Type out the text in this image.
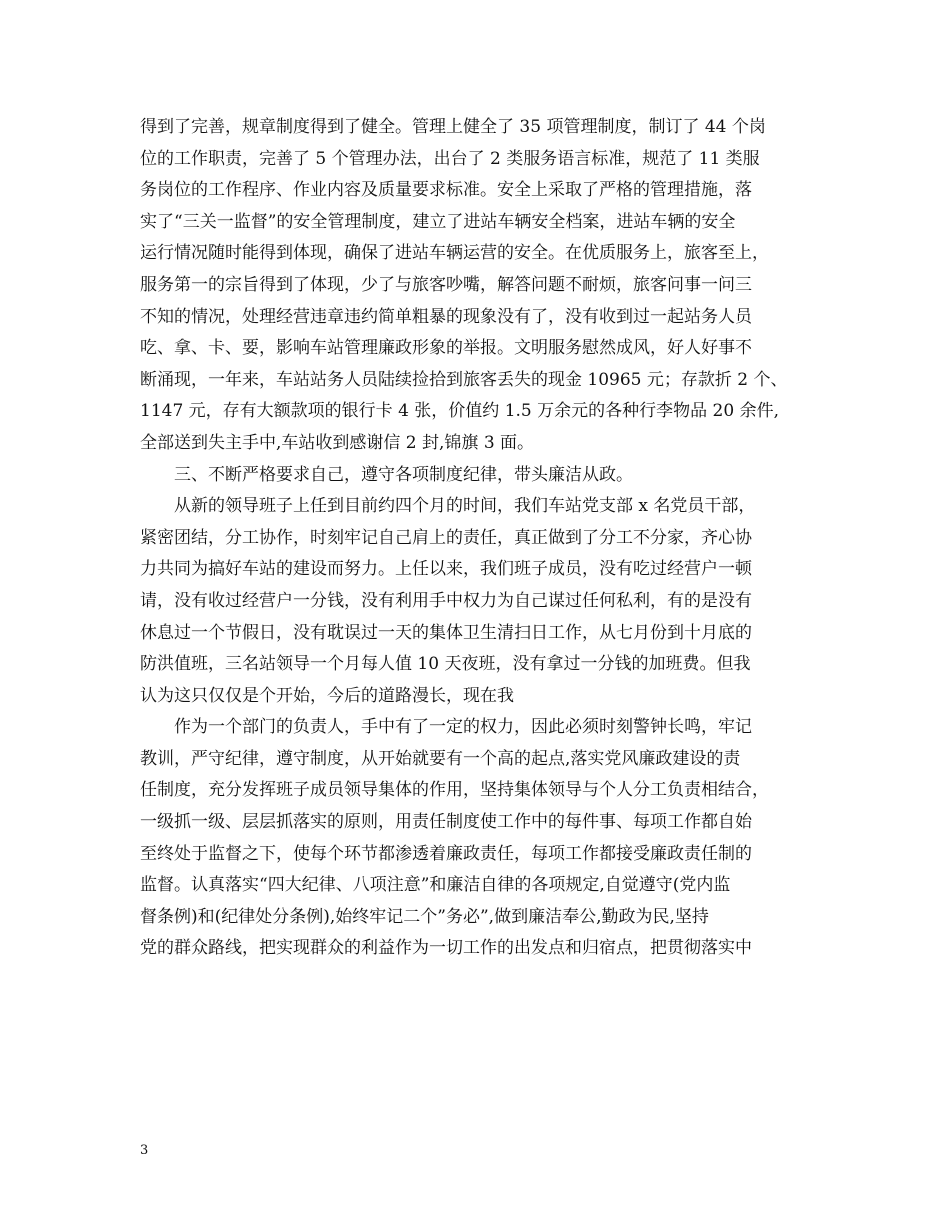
得到了完善，规章制度得到了健全。管理上健全了 35 项管理制度，制订了 44 个岗
位的工作职责，完善了 5 个管理办法，出台了 2 类服务语言标准，规范了 11 类服
务岗位的工作程序、作业内容及质量要求标准。安全上采取了严格的管理措施，落
实了“三关一监督”的安全管理制度，建立了进站车辆安全档案，进站车辆的安全
运行情况随时能得到体现，确保了进站车辆运营的安全。在优质服务上，旅客至上，
服务第一的宗旨得到了体现，少了与旅客吵嘴，解答问题不耐烦，旅客问事一问三
不知的情况，处理经营违章违约简单粗暴的现象没有了，没有收到过一起站务人员
吃、拿、卡、要，影响车站管理廉政形象的举报。文明服务慰然成风，好人好事不
断涌现，一年来，车站站务人员陆续捡拾到旅客丢失的现金 10965 元；存款折 2 个、
1147 元，存有大额款项的银行卡 4 张，价值约 1.5 万余元的各种行李物品 20 余件,
全部送到失主手中,车站收到感谢信 2 封,锦旗 3 面。
三、不断严格要求自己，遵守各项制度纪律，带头廉洁从政。
从新的领导班子上任到目前约四个月的时间，我们车站党支部 x 名党员干部，
紧密团结，分工协作，时刻牢记自己肩上的责任，真正做到了分工不分家，齐心协
力共同为搞好车站的建设而努力。上任以来，我们班子成员，没有吃过经营户一顿
请，没有收过经营户一分钱，没有利用手中权力为自己谋过任何私利，有的是没有
休息过一个节假日，没有耽误过一天的集体卫生清扫日工作，从七月份到十月底的
防洪值班，三名站领导一个月每人值 10 天夜班，没有拿过一分钱的加班费。但我
认为这只仅仅是个开始，今后的道路漫长，现在我
作为一个部门的负责人，手中有了一定的权力，因此必须时刻警钟长鸣，牢记
教训，严守纪律，遵守制度，从开始就要有一个高的起点,落实党风廉政建设的责
任制度，充分发挥班子成员领导集体的作用，坚持集体领导与个人分工负责相结合，
一级抓一级、层层抓落实的原则，用责任制度使工作中的每件事、每项工作都自始
至终处于监督之下，使每个环节都渗透着廉政责任，每项工作都接受廉政责任制的
监督。认真落实“四大纪律、八项注意”和廉洁自律的各项规定,自觉遵守(党内监
督条例)和(纪律处分条例),始终牢记二个”务必”,做到廉洁奉公,勤政为民,坚持
党的群众路线，把实现群众的利益作为一切工作的出发点和归宿点，把贯彻落实中
3
